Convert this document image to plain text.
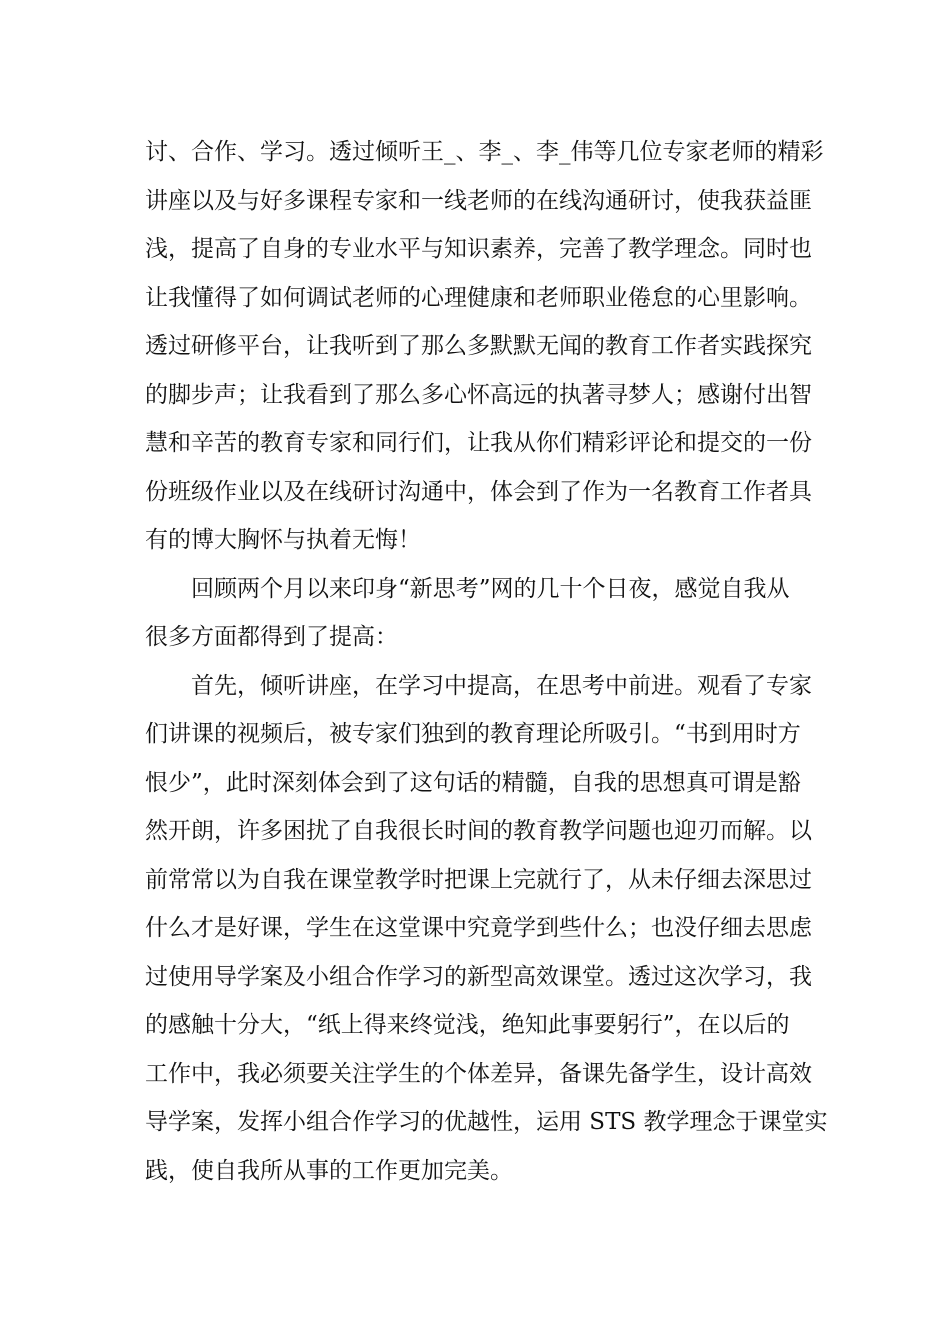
讨、合作、学习。透过倾听王_、李_、李_伟等几位专家老师的精彩
讲座以及与好多课程专家和一线老师的在线沟通研讨，使我获益匪
浅，提高了自身的专业水平与知识素养，完善了教学理念。同时也
让我懂得了如何调试老师的心理健康和老师职业倦怠的心里影响。
透过研修平台，让我听到了那么多默默无闻的教育工作者实践探究
的脚步声；让我看到了那么多心怀高远的执著寻梦人；感谢付出智
慧和辛苦的教育专家和同行们，让我从你们精彩评论和提交的一份
份班级作业以及在线研讨沟通中，体会到了作为一名教育工作者具
有的博大胸怀与执着无悔！
回顾两个月以来印身“新思考”网的几十个日夜，感觉自我从
很多方面都得到了提高：
首先，倾听讲座，在学习中提高，在思考中前进。观看了专家
们讲课的视频后，被专家们独到的教育理论所吸引。“书到用时方
恨少”，此时深刻体会到了这句话的精髓，自我的思想真可谓是豁
然开朗，许多困扰了自我很长时间的教育教学问题也迎刃而解。以
前常常以为自我在课堂教学时把课上完就行了，从未仔细去深思过
什么才是好课，学生在这堂课中究竟学到些什么；也没仔细去思虑
过使用导学案及小组合作学习的新型高效课堂。透过这次学习，我
的感触十分大，“纸上得来终觉浅，绝知此事要躬行”，在以后的
工作中，我必须要关注学生的个体差异，备课先备学生，设计高效
导学案，发挥小组合作学习的优越性，运用 STS 教学理念于课堂实
践，使自我所从事的工作更加完美。
